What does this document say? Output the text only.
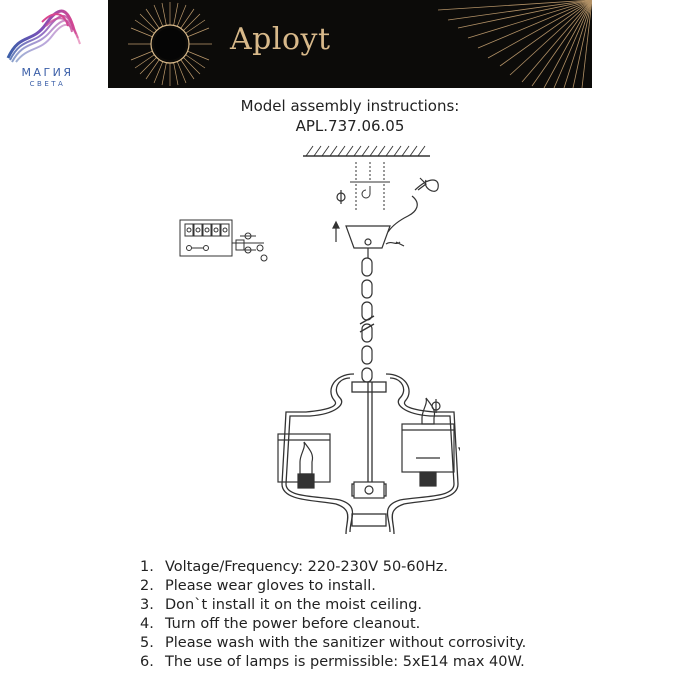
МАГИЯ
СВЕТА
Aployt
Model assembly instructions:
APL.737.06.05
1. Voltage/Frequency: 220-230V 50-60Hz.
2. Please wear gloves to install.
3. Don`t install it on the moist ceiling.
4. Turn off the power before cleanout.
5. Please wash with the sanitizer without corrosivity.
6. The use of lamps is permissible: 5xE14 max 40W.
